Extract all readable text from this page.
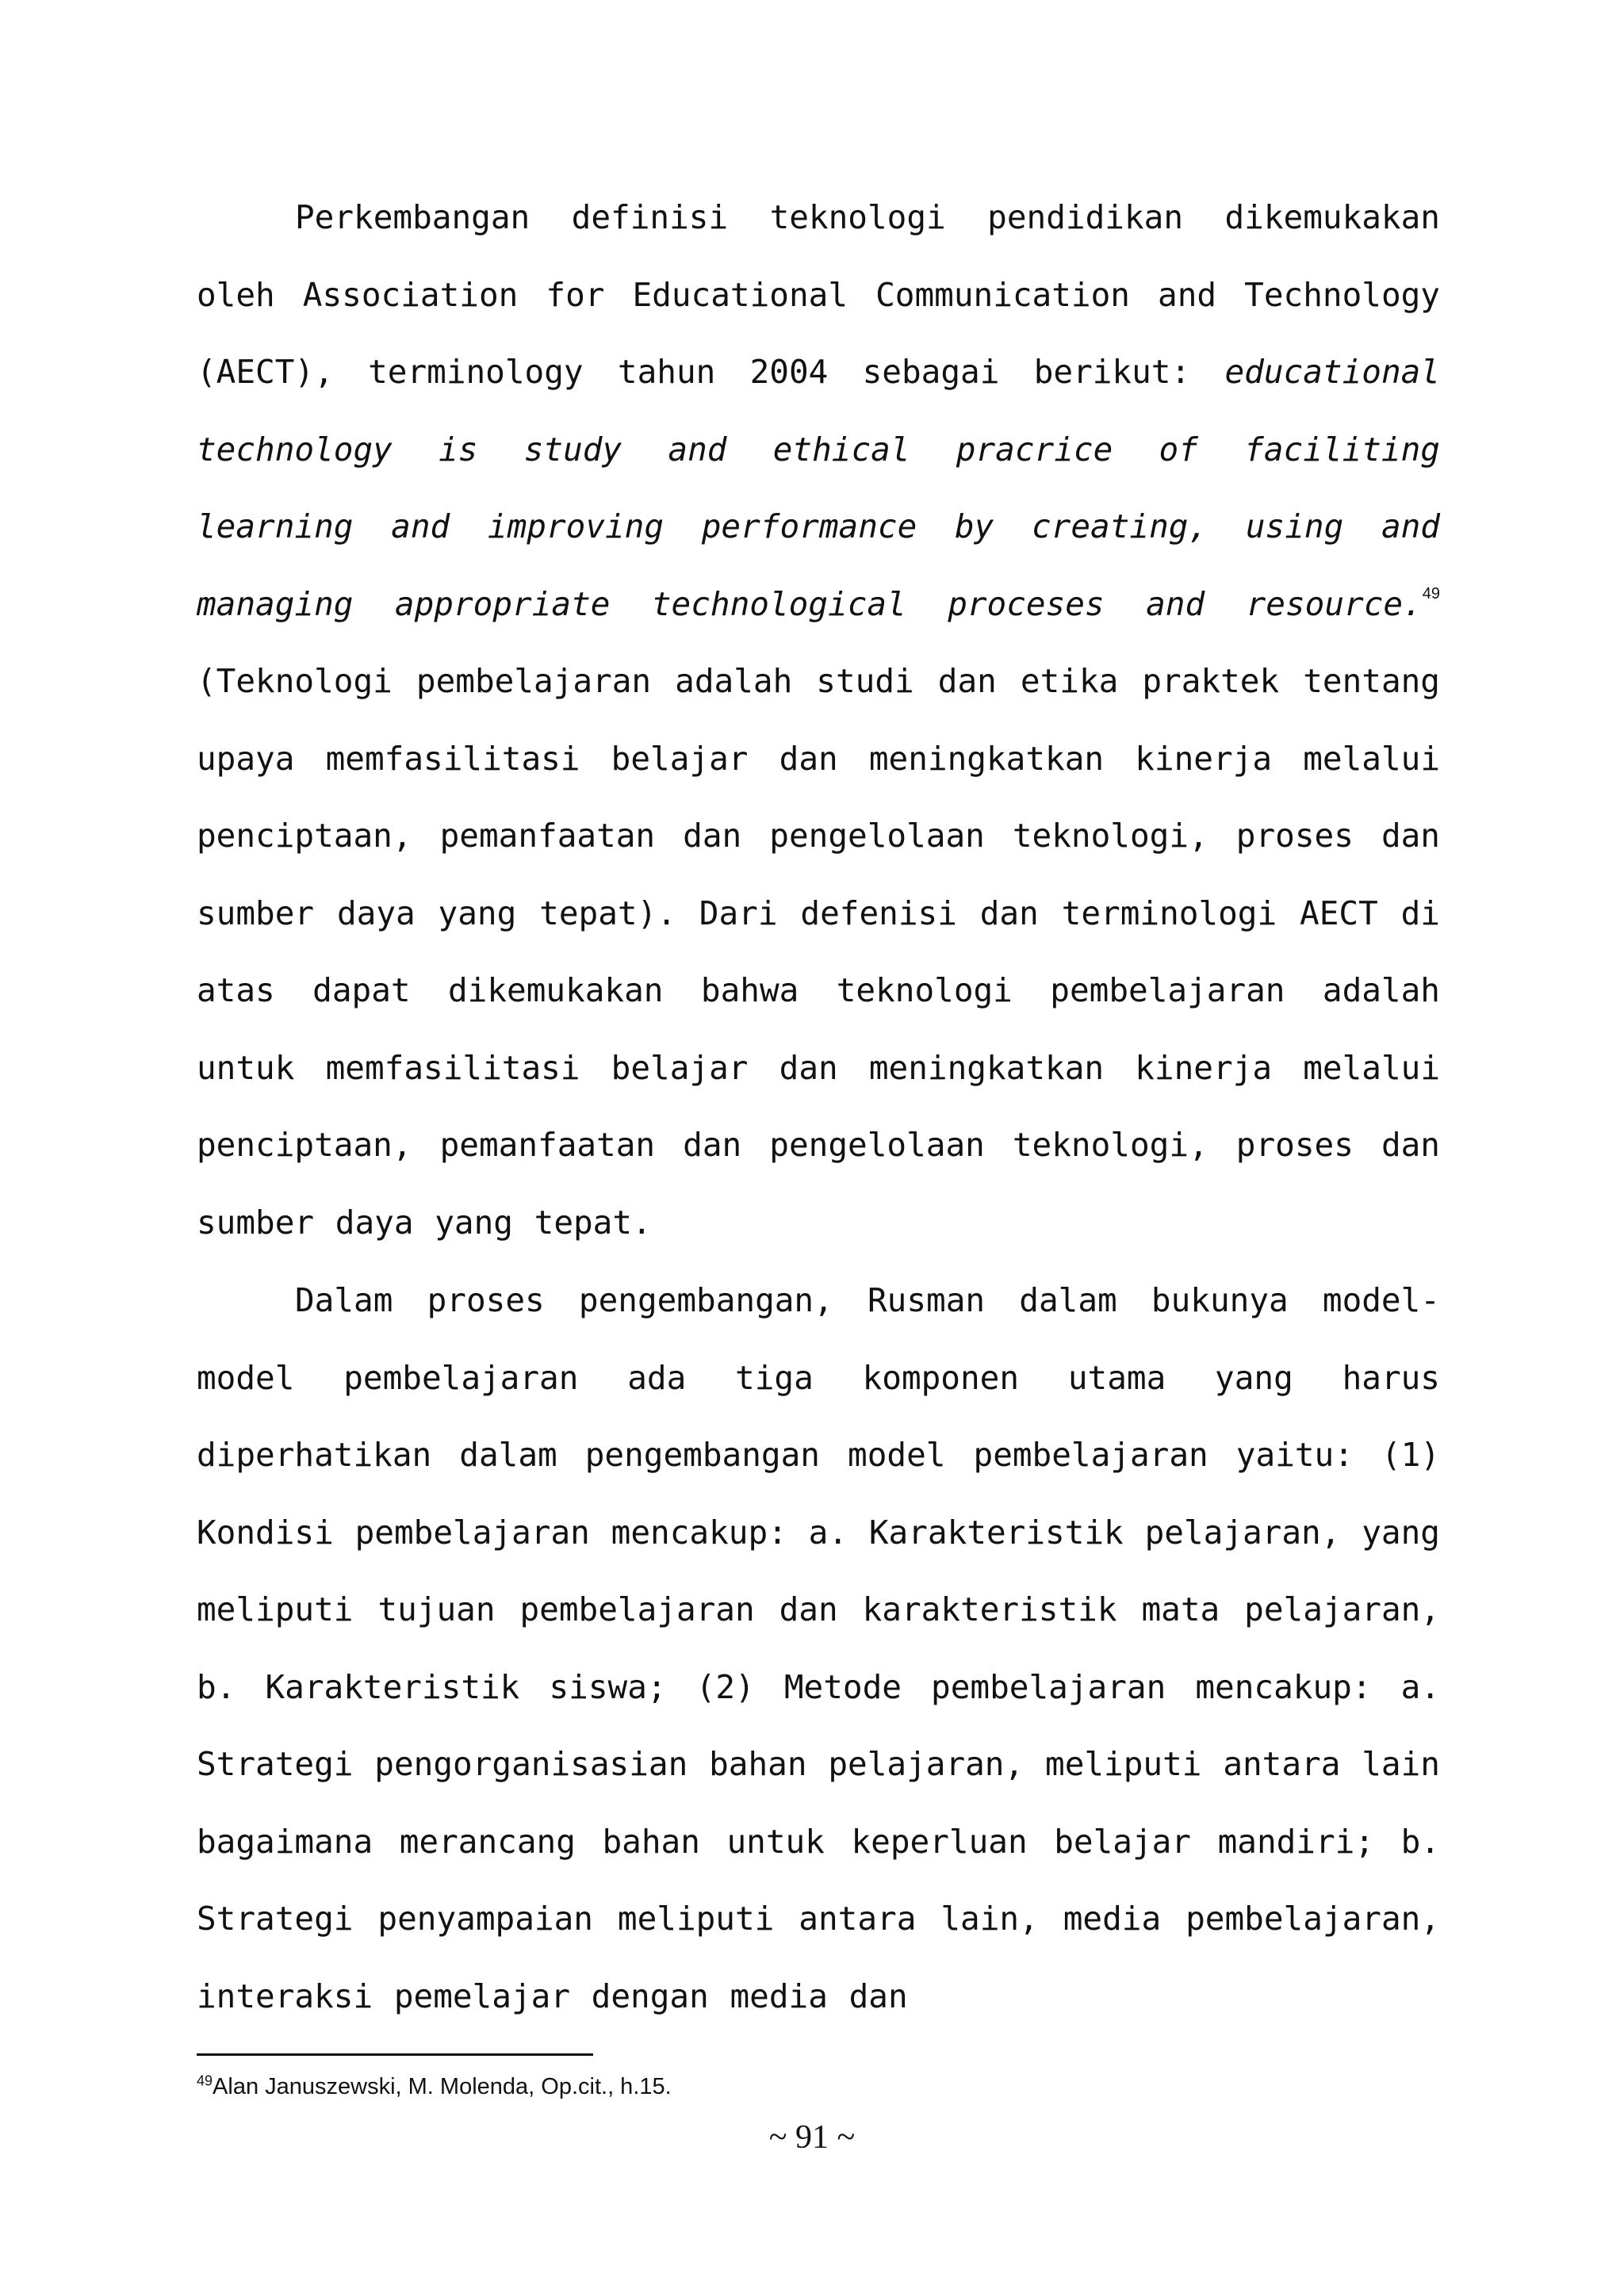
Perkembangan definisi teknologi pendidikan dikemukakan oleh Association for Educational Communication and Technology (AECT), terminology tahun 2004 sebagai berikut: educational technology is study and ethical pracrice of faciliting learning and improving performance by creating, using and managing appropriate technological proceses and resource.$^{49}$ (Teknologi pembelajaran adalah studi dan etika praktek tentang upaya memfasilitasi belajar dan meningkatkan kinerja melalui penciptaan, pemanfaatan dan pengelolaan teknologi, proses dan sumber daya yang tepat). Dari defenisi dan terminologi AECT di atas dapat dikemukakan bahwa teknologi pembelajaran adalah untuk memfasilitasi belajar dan meningkatkan kinerja melalui penciptaan, pemanfaatan dan pengelolaan teknologi, proses dan sumber daya yang tepat.

Dalam proses pengembangan, Rusman dalam bukunya model-model pembelajaran ada tiga komponen utama yang harus diperhatikan dalam pengembangan model pembelajaran yaitu: (1) Kondisi pembelajaran mencakup: a. Karakteristik pelajaran, yang meliputi tujuan pembelajaran dan karakteristik mata pelajaran, b. Karakteristik siswa; (2) Metode pembelajaran mencakup: a. Strategi pengorganisasian bahan pelajaran, meliputi antara lain bagaimana merancang bahan untuk keperluan belajar mandiri; b. Strategi penyampaian meliputi antara lain, media pembelajaran, interaksi pemelajar dengan media dan

$^{49}$Alan Januszewski, M. Molenda, Op.cit., h.15.

~ 91 ~
